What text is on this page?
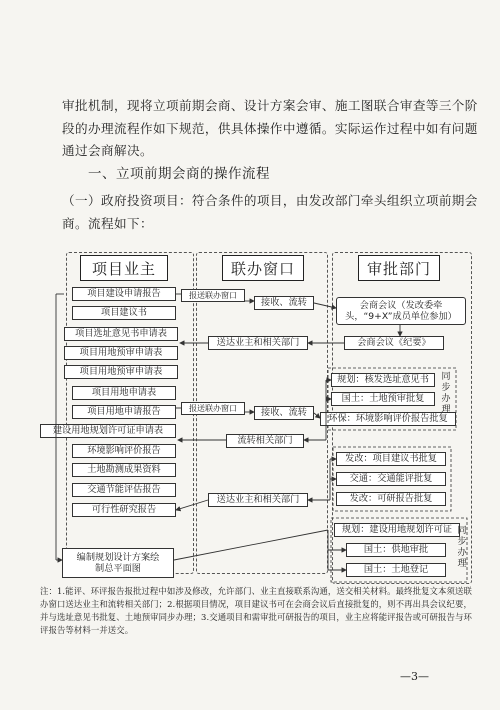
审批机制，现将立项前期会商、设计方案会审、施工图联合审查等三个阶段的办理流程作如下规范，供具体操作中遵循。实际运作过程中如有问题通过会商解决。
一、立项前期会商的操作流程
（一）政府投资项目：符合条件的项目，由发改部门牵头组织立项前期会商。流程如下：
项目业主	联办窗口	审批部门
项目建设申请报告
项目建议书
项目选址意见书申请表
项目用地预审申请表
项目用地预审申请表
项目用地申请表
项目用地申请报告
建设用地规划许可证申请表
环境影响评价报告
土地勘测成果资料
交通节能评估报告
可行性研究报告
编制规划设计方案绘制总平面图
报送联办窗口
接收、流转
送达业主和相关部门
报送联办窗口	接收、流转
流转相关部门
送达业主和相关部门
会商会议（发改委牵头，“9+X”成员单位参加）
会商会议《纪要》
规划：核发选址意见书
国土：土地预审批复
环保：环境影响评价报告批复
同步办理
发改：项目建议书批复
交通：交通能评批复
发改：可研报告批复
规划：建设用地规划许可证
国土：供地审批
国土：土地登记
同步办理
注：1.能评、环评报告报批过程中如涉及修改，允许部门、业主直接联系沟通，送交相关材料。最终批复文本须送联办窗口送达业主和流转相关部门；2.根据项目情况，项目建议书可在会商会议后直接批复的，则不再出具会议纪要，并与选址意见书批复、土地预审同步办理；3.交通项目和需审批可研报告的项目，业主应将能评报告或可研报告与环评报告等材料一并送交。
—3—
